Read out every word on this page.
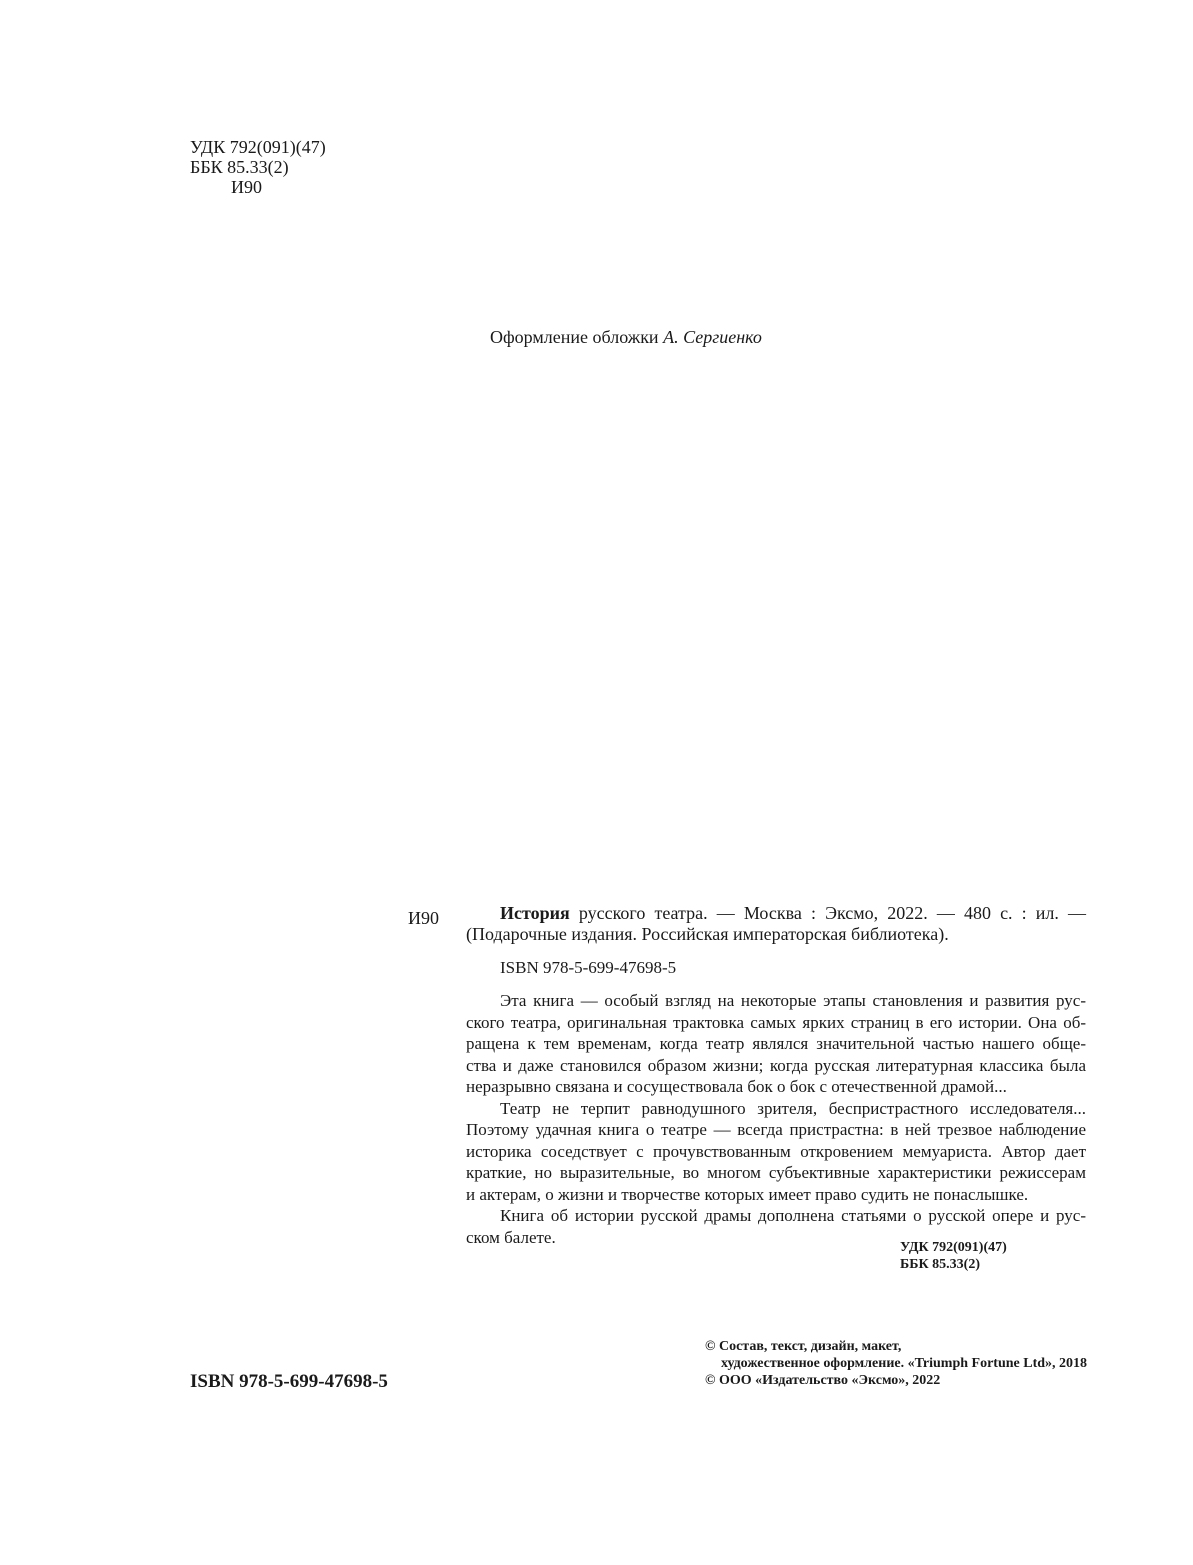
УДК 792(091)(47)
ББК 85.33(2)
И90
Оформление обложки А. Сергиенко
И90	История русского театра. — Москва : Эксмо, 2022. — 480 с. : ил. —
(Подарочные издания. Российская императорская библиотека).
ISBN 978-5-699-47698-5
Эта книга — особый взгляд на некоторые этапы становления и развития рус-
ского театра, оригинальная трактовка самых ярких страниц в его истории. Она об-
ращена к тем временам, когда театр являлся значительной частью нашего обще-
ства и даже становился образом жизни; когда русская литературная классика была
неразрывно связана и сосуществовала бок о бок с отечественной драмой...
Театр не терпит равнодушного зрителя, беспристрастного исследователя...
Поэтому удачная книга о театре — всегда пристрастна: в ней трезвое наблюдение
историка соседствует с прочувствованным откровением мемуариста. Автор дает
краткие, но выразительные, во многом субъективные характеристики режиссерам
и актерам, о жизни и творчестве которых имеет право судить не понаслышке.
Книга об истории русской драмы дополнена статьями о русской опере и рус-
ском балете.
УДК 792(091)(47)
ББК 85.33(2)
ISBN 978-5-699-47698-5
© Состав, текст, дизайн, макет,
художественное оформление. «Triumph Fortune Ltd», 2018
© ООО «Издательство «Эксмо», 2022
